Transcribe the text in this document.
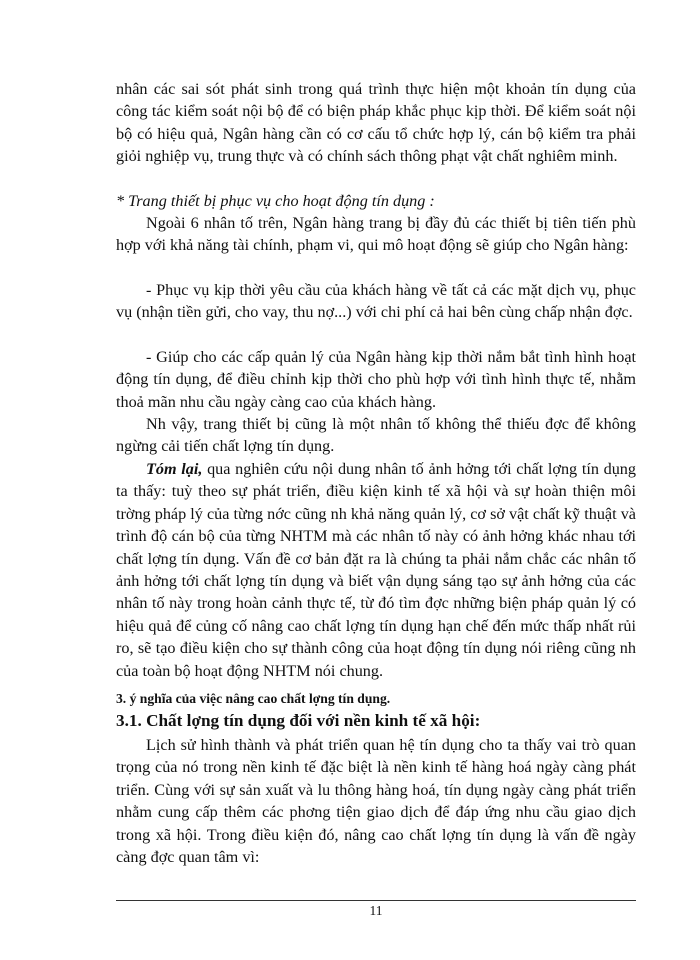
nhân các sai sót phát sinh trong quá trình thực hiện một khoản tín dụng của công tác kiểm soát nội bộ để có biện pháp khắc phục kịp thời. Để kiểm soát nội bộ có hiệu quả, Ngân hàng cần có cơ cấu tổ chức hợp lý, cán bộ kiểm tra phải giỏi nghiệp vụ, trung thực và có chính sách thông phạt vật chất nghiêm minh.

* Trang thiết bị phục vụ cho hoạt động tín dụng :

Ngoài 6 nhân tố trên, Ngân hàng trang bị đầy đủ các thiết bị tiên tiến phù hợp với khả năng tài chính, phạm vi, qui mô hoạt động sẽ giúp cho Ngân hàng:

- Phục vụ kịp thời yêu cầu của khách hàng về tất cả các mặt dịch vụ, phục vụ (nhận tiền gửi, cho vay, thu nợ...) với chi phí cả hai bên cùng chấp nhận đợc.

- Giúp cho các cấp quản lý của Ngân hàng kịp thời nắm bắt tình hình hoạt động tín dụng, để điều chỉnh kịp thời cho phù hợp với tình hình thực tế, nhằm thoả mãn nhu cầu ngày càng cao của khách hàng.

Nh vậy, trang thiết bị cũng là một nhân tố không thể thiếu đợc để không ngừng cải tiến chất lợng tín dụng.

Tóm lại, qua nghiên cứu nội dung nhân tố ảnh hởng tới chất lợng tín dụng ta thấy: tuỳ theo sự phát triển, điều kiện kinh tế xã hội và sự hoàn thiện môi trờng pháp lý của từng nớc cũng nh khả năng quản lý, cơ sở vật chất kỹ thuật và trình độ cán bộ của từng NHTM mà các nhân tố này có ảnh hởng khác nhau tới chất lợng tín dụng. Vấn đề cơ bản đặt ra là chúng ta phải nắm chắc các nhân tố ảnh hởng tới chất lợng tín dụng và biết vận dụng sáng tạo sự ảnh hởng của các nhân tố này trong hoàn cảnh thực tế, từ đó tìm đợc những biện pháp quản lý có hiệu quả để củng cố nâng cao chất lợng tín dụng hạn chế đến mức thấp nhất rủi ro, sẽ tạo điều kiện cho sự thành công của hoạt động tín dụng nói riêng cũng nh của toàn bộ hoạt động NHTM nói chung.

3. ý nghĩa của việc nâng cao chất lợng tín dụng.
3.1. Chất lợng tín dụng đối với nền kinh tế xã hội:

Lịch sử hình thành và phát triển quan hệ tín dụng cho ta thấy vai trò quan trọng của nó trong nền kinh tế đặc biệt là nền kinh tế hàng hoá ngày càng phát triển. Cùng với sự sản xuất và lu thông hàng hoá, tín dụng ngày càng phát triển nhằm cung cấp thêm các phơng tiện giao dịch để đáp ứng nhu cầu giao dịch trong xã hội. Trong điều kiện đó, nâng cao chất lợng tín dụng là vấn đề ngày càng đợc quan tâm vì:

11
